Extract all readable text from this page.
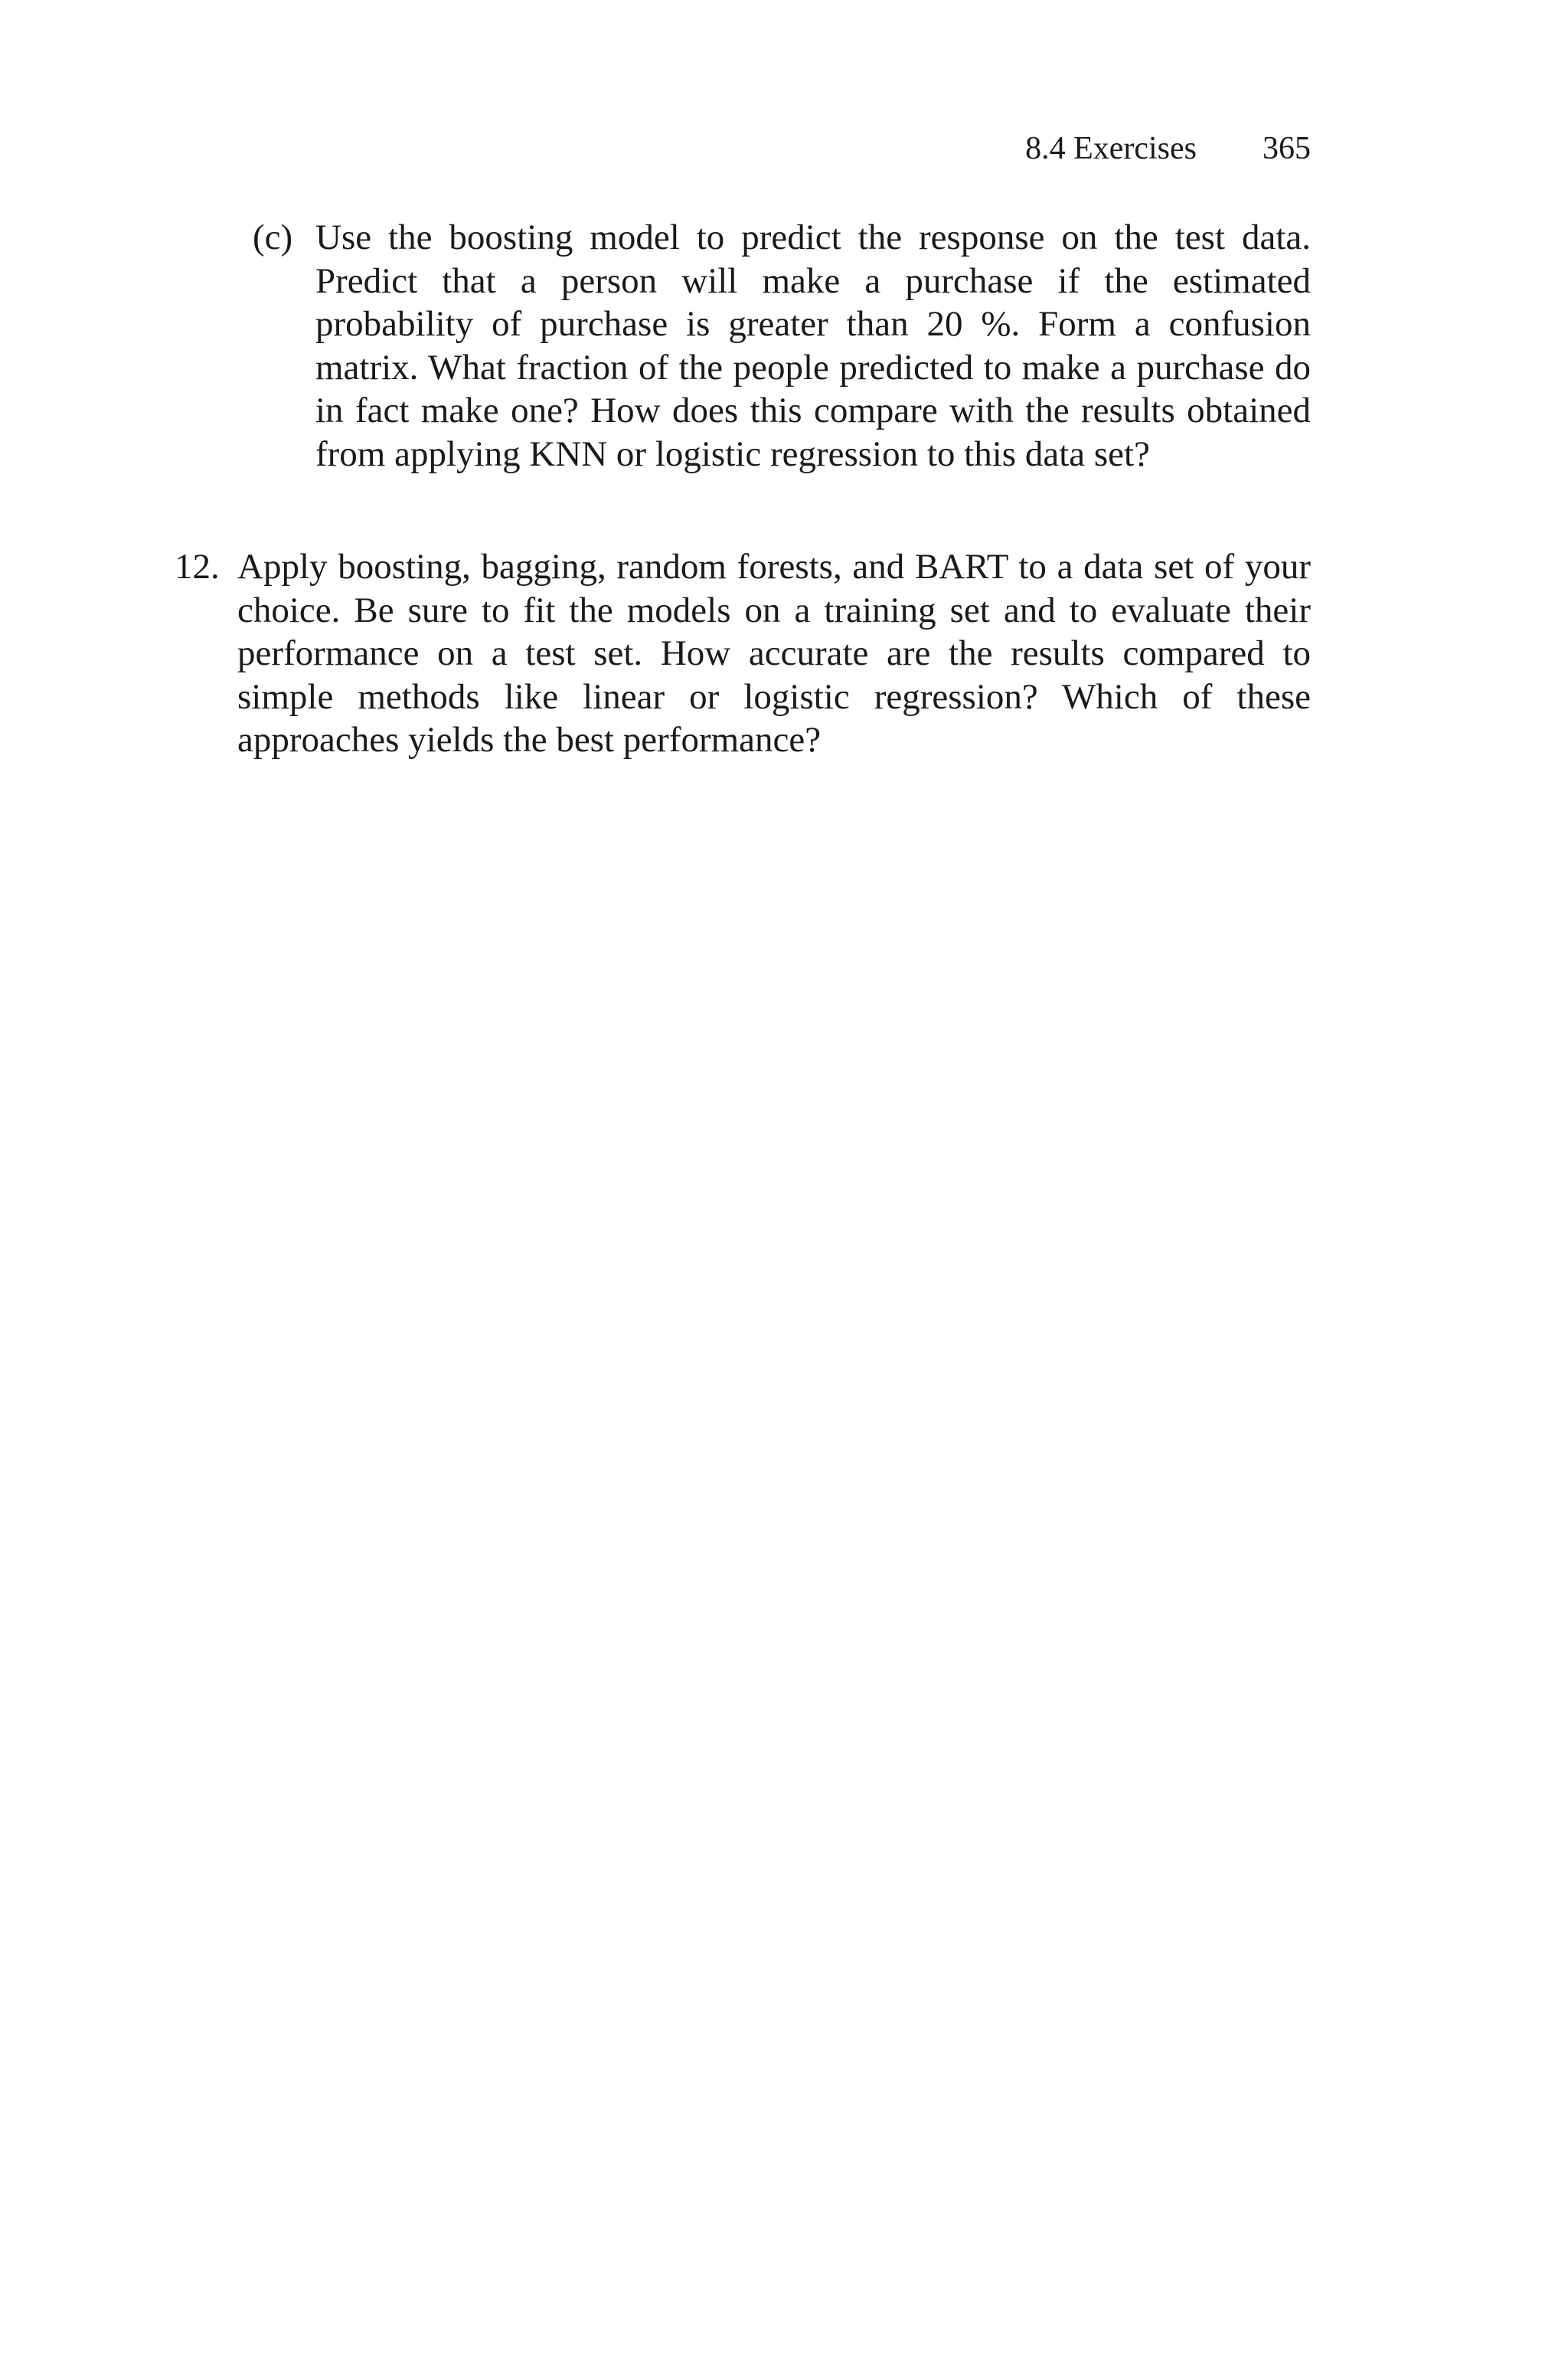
8.4 Exercises 365
(c) Use the boosting model to predict the response on the test data. Predict that a person will make a purchase if the estimated probability of purchase is greater than 20 %. Form a confusion matrix. What fraction of the people predicted to make a purchase do in fact make one? How does this compare with the results obtained from applying KNN or logistic regression to this data set?
12. Apply boosting, bagging, random forests, and BART to a data set of your choice. Be sure to fit the models on a training set and to evaluate their performance on a test set. How accurate are the results compared to simple methods like linear or logistic regression? Which of these approaches yields the best performance?
